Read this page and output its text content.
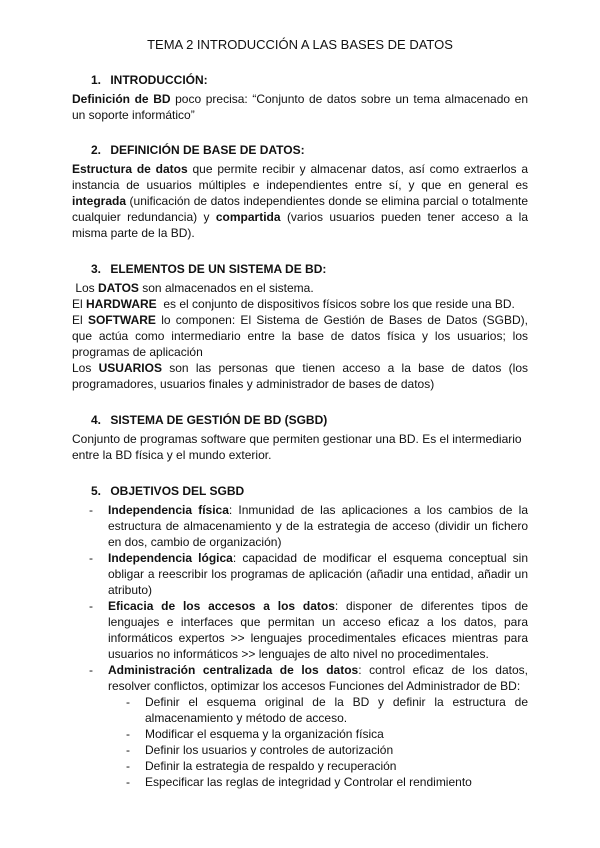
TEMA 2 INTRODUCCIÓN A LAS BASES DE DATOS
1. INTRODUCCIÓN:

Definición de BD poco precisa: “Conjunto de datos sobre un tema almacenado en un soporte informático”

2. DEFINICIÓN DE BASE DE DATOS:

Estructura de datos que permite recibir y almacenar datos, así como extraerlos a instancia de usuarios múltiples e independientes entre sí, y que en general es integrada (unificación de datos independientes donde se elimina parcial o totalmente cualquier redundancia) y compartida (varios usuarios pueden tener acceso a la misma parte de la BD).

3. ELEMENTOS DE UN SISTEMA DE BD:

Los DATOS son almacenados en el sistema.

El HARDWARE  es el conjunto de dispositivos físicos sobre los que reside una BD.

El SOFTWARE lo componen: El Sistema de Gestión de Bases de Datos (SGBD), que actúa como intermediario entre la base de datos física y los usuarios; los programas de aplicación

Los USUARIOS son las personas que tienen acceso a la base de datos (los programadores, usuarios finales y administrador de bases de datos)

4. SISTEMA DE GESTIÓN DE BD (SGBD)

Conjunto de programas software que permiten gestionar una BD. Es el intermediario entre la BD física y el mundo exterior.

5. OBJETIVOS DEL SGBD
- Independencia física: Inmunidad de las aplicaciones a los cambios de la estructura de almacenamiento y de la estrategia de acceso (dividir un fichero en dos, cambio de organización)

- Independencia lógica: capacidad de modificar el esquema conceptual sin obligar a reescribir los programas de aplicación (añadir una entidad, añadir un atributo)

- Eficacia de los accesos a los datos: disponer de diferentes tipos de lenguajes e interfaces que permitan un acceso eficaz a los datos, para informáticos expertos >> lenguajes procedimentales eficaces mientras para usuarios no informáticos >> lenguajes de alto nivel no procedimentales.

- Administración centralizada de los datos: control eficaz de los datos, resolver conflictos, optimizar los accesos Funciones del Administrador de BD:

- Definir el esquema original de la BD y definir la estructura de almacenamiento y método de acceso.

- Modificar el esquema y la organización física

- Definir los usuarios y controles de autorización

- Definir la estrategia de respaldo y recuperación

- Especificar las reglas de integridad y Controlar el rendimiento
